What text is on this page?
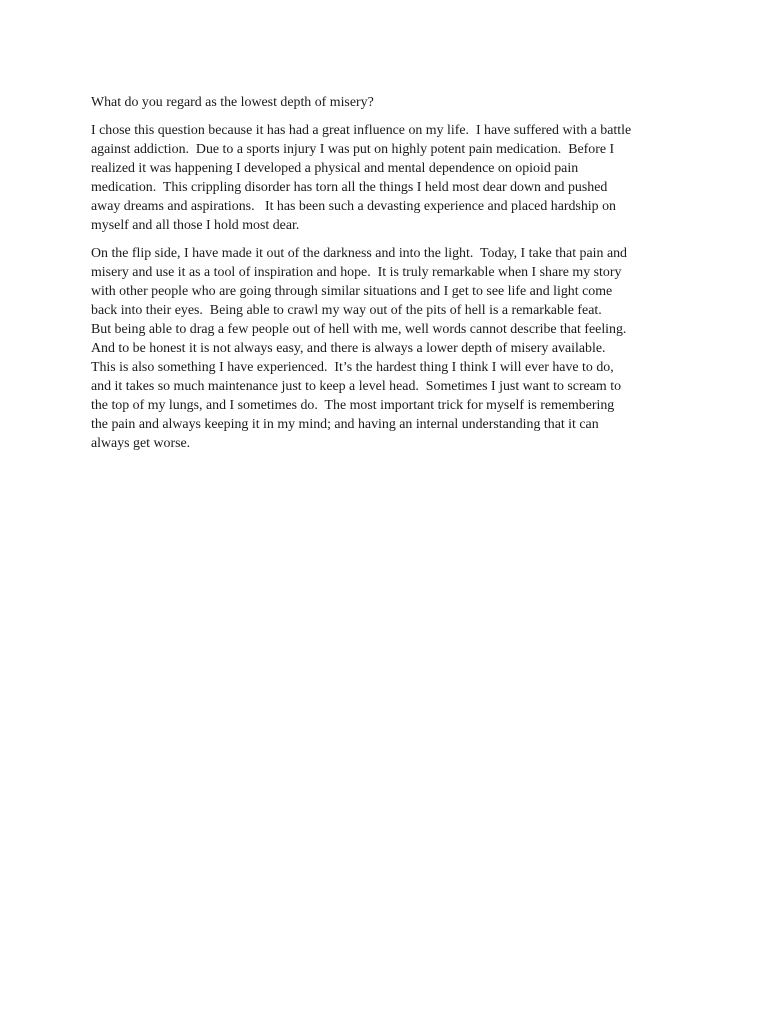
What do you regard as the lowest depth of misery?
I chose this question because it has had a great influence on my life.  I have suffered with a battle
against addiction.  Due to a sports injury I was put on highly potent pain medication.  Before I
realized it was happening I developed a physical and mental dependence on opioid pain
medication.  This crippling disorder has torn all the things I held most dear down and pushed
away dreams and aspirations.   It has been such a devasting experience and placed hardship on
myself and all those I hold most dear.
On the flip side, I have made it out of the darkness and into the light.  Today, I take that pain and
misery and use it as a tool of inspiration and hope.  It is truly remarkable when I share my story
with other people who are going through similar situations and I get to see life and light come
back into their eyes.  Being able to crawl my way out of the pits of hell is a remarkable feat.
But being able to drag a few people out of hell with me, well words cannot describe that feeling.
And to be honest it is not always easy, and there is always a lower depth of misery available.
This is also something I have experienced.  It’s the hardest thing I think I will ever have to do,
and it takes so much maintenance just to keep a level head.  Sometimes I just want to scream to
the top of my lungs, and I sometimes do.  The most important trick for myself is remembering
the pain and always keeping it in my mind; and having an internal understanding that it can
always get worse.
